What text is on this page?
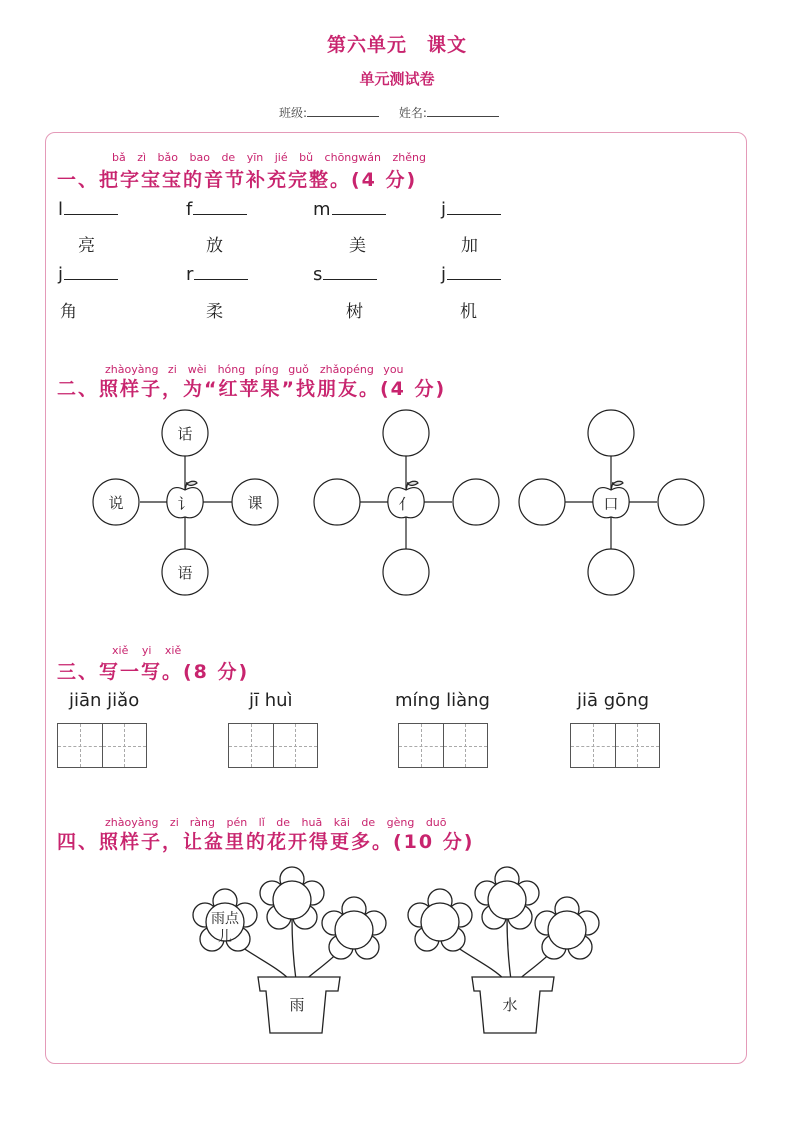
第六单元　课文
单元测试卷
班级:	姓名:
bǎ zì bǎo bao de yīn jié bǔ chōngwán zhěng
一、把字宝宝的音节补充完整。(4 分)
l	f	m	j
亮	放	美	加
j	r	s	j
角	柔	树	机
zhàoyàng zi　wèi　hóng píng guǒ　zhǎopéng you
二、照样子，为“红苹果”找朋友。(4 分)
话
语
说	课
讠	亻	口
xiě yi xiě
三、写一写。(8 分)
jiān jiǎo	jī huì	míng liàng	jiā gōng
zhàoyàng zi　ràng pén lǐ de huā kāi de gèng duō
四、照样子，让盆里的花开得更多。(10 分)
雨点
儿
雨	水
